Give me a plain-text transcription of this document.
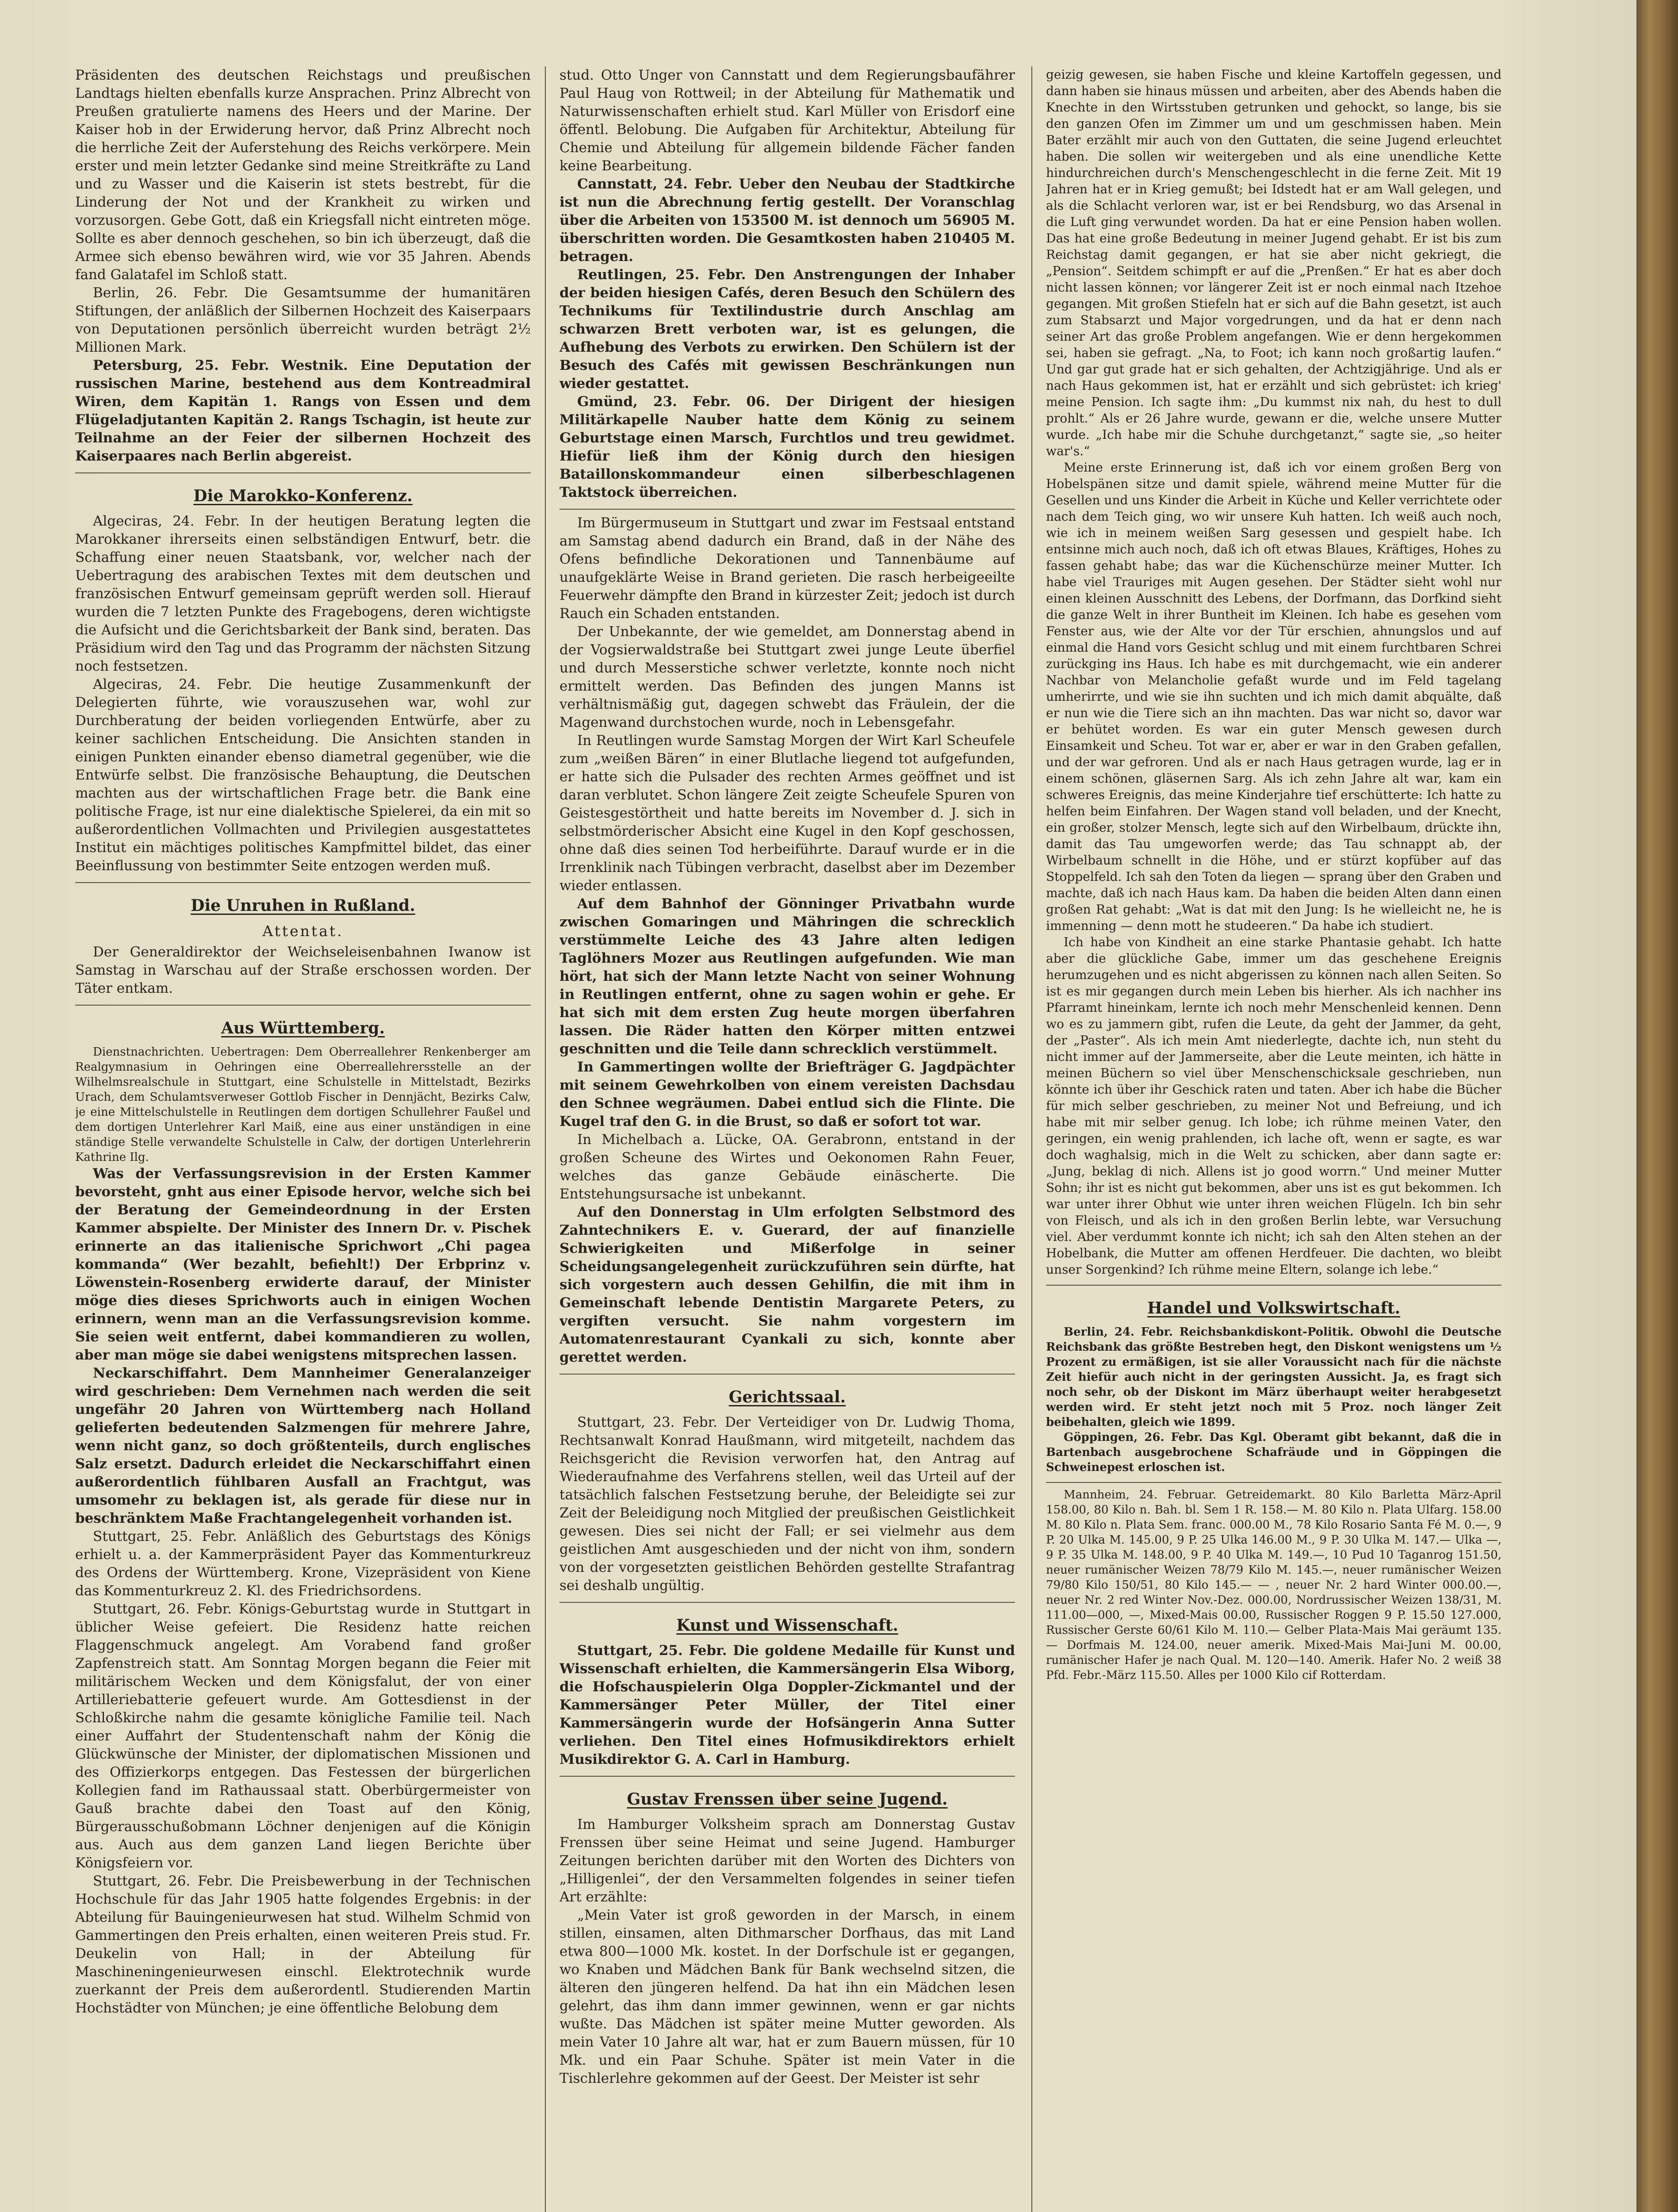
Präsidenten des deutschen Reichstags und preußischen Landtags hielten ebenfalls kurze Ansprachen. Prinz Albrecht von Preußen gratulierte namens des Heers und der Marine. Der Kaiser hob in der Erwiderung hervor, daß Prinz Albrecht noch die herrliche Zeit der Auferstehung des Reichs verkörpere. Mein erster und mein letzter Gedanke sind meine Streitkräfte zu Land und zu Wasser und die Kaiserin ist stets bestrebt, für die Linderung der Not und der Krankheit zu wirken und vorzusorgen. Gebe Gott, daß ein Kriegsfall nicht eintreten möge. Sollte es aber dennoch geschehen, so bin ich überzeugt, daß die Armee sich ebenso bewähren wird, wie vor 35 Jahren. Abends fand Galatafel im Schloß statt.

Berlin, 26. Febr. Die Gesamtsumme der humanitären Stiftungen, der anläßlich der Silbernen Hochzeit des Kaiserpaars von Deputationen persönlich überreicht wurden beträgt 2½ Millionen Mark.

Petersburg, 25. Febr. Westnik. Eine Deputation der russischen Marine, bestehend aus dem Kontreadmiral Wiren, dem Kapitän 1. Rangs von Essen und dem Flügeladjutanten Kapitän 2. Rangs Tschagin, ist heute zur Teilnahme an der Feier der silbernen Hochzeit des Kaiserpaares nach Berlin abgereist.

Die Marokko-Konferenz.

Algeciras, 24. Febr. In der heutigen Beratung legten die Marokkaner ihrerseits einen selbständigen Entwurf, betr. die Schaffung einer neuen Staatsbank, vor, welcher nach der Uebertragung des arabischen Textes mit dem deutschen und französischen Entwurf gemeinsam geprüft werden soll. Hierauf wurden die 7 letzten Punkte des Fragebogens, deren wichtigste die Aufsicht und die Gerichtsbarkeit der Bank sind, beraten. Das Präsidium wird den Tag und das Programm der nächsten Sitzung noch festsetzen.

Algeciras, 24. Febr. Die heutige Zusammenkunft der Delegierten führte, wie vorauszusehen war, wohl zur Durchberatung der beiden vorliegenden Entwürfe, aber zu keiner sachlichen Entscheidung. Die Ansichten standen in einigen Punkten einander ebenso diametral gegenüber, wie die Entwürfe selbst. Die französische Behauptung, die Deutschen machten aus der wirtschaftlichen Frage betr. die Bank eine politische Frage, ist nur eine dialektische Spielerei, da ein mit so außerordentlichen Vollmachten und Privilegien ausgestattetes Institut ein mächtiges politisches Kampfmittel bildet, das einer Beeinflussung von bestimmter Seite entzogen werden muß.

Die Unruhen in Rußland.
Attentat.

Der Generaldirektor der Weichseleisenbahnen Iwanow ist Samstag in Warschau auf der Straße erschossen worden. Der Täter entkam.

Aus Württemberg.

Dienstnachrichten. Uebertragen: Dem Oberreallehrer Renkenberger am Realgymnasium in Oehringen eine Oberreallehrersstelle an der Wilhelmsrealschule in Stuttgart, eine Schulstelle in Mittelstadt, Bezirks Urach, dem Schulamtsverweser Gottlob Fischer in Dennjächt, Bezirks Calw, je eine Mittelschulstelle in Reutlingen dem dortigen Schullehrer Faußel und dem dortigen Unterlehrer Karl Maiß, eine aus einer unständigen in eine ständige Stelle verwandelte Schulstelle in Calw, der dortigen Unterlehrerin Kathrine Ilg.

Was der Verfassungsrevision in der Ersten Kammer bevorsteht, gnht aus einer Episode hervor, welche sich bei der Beratung der Gemeindeordnung in der Ersten Kammer abspielte. Der Minister des Innern Dr. v. Pischek erinnerte an das italienische Sprichwort „Chi pagea kommanda“ (Wer bezahlt, befiehlt!) Der Erbprinz v. Löwenstein-Rosenberg erwiderte darauf, der Minister möge dies dieses Sprichworts auch in einigen Wochen erinnern, wenn man an die Verfassungsrevision komme. Sie seien weit entfernt, dabei kommandieren zu wollen, aber man möge sie dabei wenigstens mitsprechen lassen.

Neckarschiffahrt. Dem Mannheimer Generalanzeiger wird geschrieben: Dem Vernehmen nach werden die seit ungefähr 20 Jahren von Württemberg nach Holland gelieferten bedeutenden Salzmengen für mehrere Jahre, wenn nicht ganz, so doch größtenteils, durch englisches Salz ersetzt. Dadurch erleidet die Neckarschiffahrt einen außerordentlich fühlbaren Ausfall an Frachtgut, was umsomehr zu beklagen ist, als gerade für diese nur in beschränktem Maße Frachtangelegenheit vorhanden ist.

Stuttgart, 25. Febr. Anläßlich des Geburtstags des Königs erhielt u. a. der Kammerpräsident Payer das Kommenturkreuz des Ordens der Württemberg. Krone, Vizepräsident von Kiene das Kommenturkreuz 2. Kl. des Friedrichsordens.

Stuttgart, 26. Febr. Königs-Geburtstag wurde in Stuttgart in üblicher Weise gefeiert. Die Residenz hatte reichen Flaggenschmuck angelegt. Am Vorabend fand großer Zapfenstreich statt. Am Sonntag Morgen begann die Feier mit militärischem Wecken und dem Königsfalut, der von einer Artilleriebatterie gefeuert wurde. Am Gottesdienst in der Schloßkirche nahm die gesamte königliche Familie teil. Nach einer Auffahrt der Studentenschaft nahm der König die Glückwünsche der Minister, der diplomatischen Missionen und des Offizierkorps entgegen. Das Festessen der bürgerlichen Kollegien fand im Rathaussaal statt. Oberbürgermeister von Gauß brachte dabei den Toast auf den König, Bürgerausschußobmann Löchner denjenigen auf die Königin aus. Auch aus dem ganzen Land liegen Berichte über Königsfeiern vor.

Stuttgart, 26. Febr. Die Preisbewerbung in der Technischen Hochschule für das Jahr 1905 hatte folgendes Ergebnis: in der Abteilung für Bauingenieurwesen hat stud. Wilhelm Schmid von Gammertingen den Preis erhalten, einen weiteren Preis stud. Fr. Deukelin von Hall; in der Abteilung für Maschineningenieurwesen einschl. Elektrotechnik wurde zuerkannt der Preis dem außerordentl. Studierenden Martin Hochstädter von München; je eine öffentliche Belobung dem

stud. Otto Unger von Cannstatt und dem Regierungsbaufährer Paul Haug von Rottweil; in der Abteilung für Mathematik und Naturwissenschaften erhielt stud. Karl Müller von Erisdorf eine öffentl. Belobung. Die Aufgaben für Architektur, Abteilung für Chemie und Abteilung für allgemein bildende Fächer fanden keine Bearbeitung.

Cannstatt, 24. Febr. Ueber den Neubau der Stadtkirche ist nun die Abrechnung fertig gestellt. Der Voranschlag über die Arbeiten von 153500 M. ist dennoch um 56905 M. überschritten worden. Die Gesamtkosten haben 210405 M. betragen.

Reutlingen, 25. Febr. Den Anstrengungen der Inhaber der beiden hiesigen Cafés, deren Besuch den Schülern des Technikums für Textilindustrie durch Anschlag am schwarzen Brett verboten war, ist es gelungen, die Aufhebung des Verbots zu erwirken. Den Schülern ist der Besuch des Cafés mit gewissen Beschränkungen nun wieder gestattet.

Gmünd, 23. Febr. 06. Der Dirigent der hiesigen Militärkapelle Nauber hatte dem König zu seinem Geburtstage einen Marsch, Furchtlos und treu gewidmet. Hiefür ließ ihm der König durch den hiesigen Bataillonskommandeur einen silberbeschlagenen Taktstock überreichen.

Im Bürgermuseum in Stuttgart und zwar im Festsaal entstand am Samstag abend dadurch ein Brand, daß in der Nähe des Ofens befindliche Dekorationen und Tannenbäume auf unaufgeklärte Weise in Brand gerieten. Die rasch herbeigeeilte Feuerwehr dämpfte den Brand in kürzester Zeit; jedoch ist durch Rauch ein Schaden entstanden.

Der Unbekannte, der wie gemeldet, am Donnerstag abend in der Vogsierwaldstraße bei Stuttgart zwei junge Leute überfiel und durch Messerstiche schwer verletzte, konnte noch nicht ermittelt werden. Das Befinden des jungen Manns ist verhältnismäßig gut, dagegen schwebt das Fräulein, der die Magenwand durchstochen wurde, noch in Lebensgefahr.

In Reutlingen wurde Samstag Morgen der Wirt Karl Scheufele zum „weißen Bären“ in einer Blutlache liegend tot aufgefunden, er hatte sich die Pulsader des rechten Armes geöffnet und ist daran verblutet. Schon längere Zeit zeigte Scheufele Spuren von Geistesgestörtheit und hatte bereits im November d. J. sich in selbstmörderischer Absicht eine Kugel in den Kopf geschossen, ohne daß dies seinen Tod herbeiführte. Darauf wurde er in die Irrenklinik nach Tübingen verbracht, daselbst aber im Dezember wieder entlassen.

Auf dem Bahnhof der Gönninger Privatbahn wurde zwischen Gomaringen und Mähringen die schrecklich verstümmelte Leiche des 43 Jahre alten ledigen Taglöhners Mozer aus Reutlingen aufgefunden. Wie man hört, hat sich der Mann letzte Nacht von seiner Wohnung in Reutlingen entfernt, ohne zu sagen wohin er gehe. Er hat sich mit dem ersten Zug heute morgen überfahren lassen. Die Räder hatten den Körper mitten entzwei geschnitten und die Teile dann schrecklich verstümmelt.

In Gammertingen wollte der Briefträger G. Jagdpächter mit seinem Gewehrkolben von einem vereisten Dachsdau den Schnee wegräumen. Dabei entlud sich die Flinte. Die Kugel traf den G. in die Brust, so daß er sofort tot war.

In Michelbach a. Lücke, OA. Gerabronn, entstand in der großen Scheune des Wirtes und Oekonomen Rahn Feuer, welches das ganze Gebäude einäscherte. Die Entstehungsursache ist unbekannt.

Auf den Donnerstag in Ulm erfolgten Selbstmord des Zahntechnikers E. v. Guerard, der auf finanzielle Schwierigkeiten und Mißerfolge in seiner Scheidungsangelegenheit zurückzuführen sein dürfte, hat sich vorgestern auch dessen Gehilfin, die mit ihm in Gemeinschaft lebende Dentistin Margarete Peters, zu vergiften versucht. Sie nahm vorgestern im Automatenrestaurant Cyankali zu sich, konnte aber gerettet werden.

Gerichtssaal.

Stuttgart, 23. Febr. Der Verteidiger von Dr. Ludwig Thoma, Rechtsanwalt Konrad Haußmann, wird mitgeteilt, nachdem das Reichsgericht die Revision verworfen hat, den Antrag auf Wiederaufnahme des Verfahrens stellen, weil das Urteil auf der tatsächlich falschen Festsetzung beruhe, der Beleidigte sei zur Zeit der Beleidigung noch Mitglied der preußischen Geistlichkeit gewesen. Dies sei nicht der Fall; er sei vielmehr aus dem geistlichen Amt ausgeschieden und der nicht von ihm, sondern von der vorgesetzten geistlichen Behörden gestellte Strafantrag sei deshalb ungültig.

Kunst und Wissenschaft.

Stuttgart, 25. Febr. Die goldene Medaille für Kunst und Wissenschaft erhielten, die Kammersängerin Elsa Wiborg, die Hofschauspielerin Olga Doppler-Zickmantel und der Kammersänger Peter Müller, der Titel einer Kammersängerin wurde der Hofsängerin Anna Sutter verliehen. Den Titel eines Hofmusikdirektors erhielt Musikdirektor G. A. Carl in Hamburg.

Gustav Frenssen über seine Jugend.

Im Hamburger Volksheim sprach am Donnerstag Gustav Frenssen über seine Heimat und seine Jugend. Hamburger Zeitungen berichten darüber mit den Worten des Dichters von „Hilligenlei“, der den Versammelten folgendes in seiner tiefen Art erzählte:

„Mein Vater ist groß geworden in der Marsch, in einem stillen, einsamen, alten Dithmarscher Dorfhaus, das mit Land etwa 800—1000 Mk. kostet. In der Dorfschule ist er gegangen, wo Knaben und Mädchen Bank für Bank wechselnd sitzen, die älteren den jüngeren helfend. Da hat ihn ein Mädchen lesen gelehrt, das ihm dann immer gewinnen, wenn er gar nichts wußte. Das Mädchen ist später meine Mutter geworden. Als mein Vater 10 Jahre alt war, hat er zum Bauern müssen, für 10 Mk. und ein Paar Schuhe. Später ist mein Vater in die Tischlerlehre gekommen auf der Geest. Der Meister ist sehr

geizig gewesen, sie haben Fische und kleine Kartoffeln gegessen, und dann haben sie hinaus müssen und arbeiten, aber des Abends haben die Knechte in den Wirtsstuben getrunken und gehockt, so lange, bis sie den ganzen Ofen im Zimmer um und um geschmissen haben. Mein Bater erzählt mir auch von den Guttaten, die seine Jugend erleuchtet haben. Die sollen wir weitergeben und als eine unendliche Kette hindurchreichen durch's Menschengeschlecht in die ferne Zeit. Mit 19 Jahren hat er in Krieg gemußt; bei Idstedt hat er am Wall gelegen, und als die Schlacht verloren war, ist er bei Rendsburg, wo das Arsenal in die Luft ging verwundet worden. Da hat er eine Pension haben wollen. Das hat eine große Bedeutung in meiner Jugend gehabt. Er ist bis zum Reichstag damit gegangen, er hat sie aber nicht gekriegt, die „Pension“. Seitdem schimpft er auf die „Prenßen.“ Er hat es aber doch nicht lassen können; vor längerer Zeit ist er noch einmal nach Itzehoe gegangen. Mit großen Stiefeln hat er sich auf die Bahn gesetzt, ist auch zum Stabsarzt und Major vorgedrungen, und da hat er denn nach seiner Art das große Problem angefangen. Wie er denn hergekommen sei, haben sie gefragt. „Na, to Foot; ich kann noch großartig laufen.“ Und gar gut grade hat er sich gehalten, der Achtzigjährige. Und als er nach Haus gekommen ist, hat er erzählt und sich gebrüstet: ich krieg' meine Pension. Ich sagte ihm: „Du kummst nix nah, du hest to dull prohlt.“ Als er 26 Jahre wurde, gewann er die, welche unsere Mutter wurde. „Ich habe mir die Schuhe durchgetanzt,“ sagte sie, „so heiter war's.“

Meine erste Erinnerung ist, daß ich vor einem großen Berg von Hobelspänen sitze und damit spiele, während meine Mutter für die Gesellen und uns Kinder die Arbeit in Küche und Keller verrichtete oder nach dem Teich ging, wo wir unsere Kuh hatten. Ich weiß auch noch, wie ich in meinem weißen Sarg gesessen und gespielt habe. Ich entsinne mich auch noch, daß ich oft etwas Blaues, Kräftiges, Hohes zu fassen gehabt habe; das war die Küchenschürze meiner Mutter. Ich habe viel Trauriges mit Augen gesehen. Der Städter sieht wohl nur einen kleinen Ausschnitt des Lebens, der Dorfmann, das Dorfkind sieht die ganze Welt in ihrer Buntheit im Kleinen. Ich habe es gesehen vom Fenster aus, wie der Alte vor der Tür erschien, ahnungslos und auf einmal die Hand vors Gesicht schlug und mit einem furchtbaren Schrei zurückging ins Haus. Ich habe es mit durchgemacht, wie ein anderer Nachbar von Melancholie gefaßt wurde und im Feld tagelang umherirrte, und wie sie ihn suchten und ich mich damit abquälte, daß er nun wie die Tiere sich an ihn machten. Das war nicht so, davor war er behütet worden. Es war ein guter Mensch gewesen durch Einsamkeit und Scheu. Tot war er, aber er war in den Graben gefallen, und der war gefroren. Und als er nach Haus getragen wurde, lag er in einem schönen, gläsernen Sarg. Als ich zehn Jahre alt war, kam ein schweres Ereignis, das meine Kinderjahre tief erschütterte: Ich hatte zu helfen beim Einfahren. Der Wagen stand voll beladen, und der Knecht, ein großer, stolzer Mensch, legte sich auf den Wirbelbaum, drückte ihn, damit das Tau umgeworfen werde; das Tau schnappt ab, der Wirbelbaum schnellt in die Höhe, und er stürzt kopfüber auf das Stoppelfeld. Ich sah den Toten da liegen — sprang über den Graben und machte, daß ich nach Haus kam. Da haben die beiden Alten dann einen großen Rat gehabt: „Wat is dat mit den Jung: Is he wielleicht ne, he is immenning — denn mott he studeeren.“ Da habe ich studiert.

Ich habe von Kindheit an eine starke Phantasie gehabt. Ich hatte aber die glückliche Gabe, immer um das geschehene Ereignis herumzugehen und es nicht abgerissen zu können nach allen Seiten. So ist es mir gegangen durch mein Leben bis hierher. Als ich nachher ins Pfarramt hineinkam, lernte ich noch mehr Menschenleid kennen. Denn wo es zu jammern gibt, rufen die Leute, da geht der Jammer, da geht, der „Paster“. Als ich mein Amt niederlegte, dachte ich, nun steht du nicht immer auf der Jammerseite, aber die Leute meinten, ich hätte in meinen Büchern so viel über Menschenschicksale geschrieben, nun könnte ich über ihr Geschick raten und taten. Aber ich habe die Bücher für mich selber geschrieben, zu meiner Not und Befreiung, und ich habe mit mir selber genug. Ich lobe; ich rühme meinen Vater, den geringen, ein wenig prahlenden, ich lache oft, wenn er sagte, es war doch waghalsig, mich in die Welt zu schicken, aber dann sagte er: „Jung, beklag di nich. Allens ist jo good worrn.“ Und meiner Mutter Sohn; ihr ist es nicht gut bekommen, aber uns ist es gut bekommen. Ich war unter ihrer Obhut wie unter ihren weichen Flügeln. Ich bin sehr von Fleisch, und als ich in den großen Berlin lebte, war Versuchung viel. Aber verdummt konnte ich nicht; ich sah den Alten stehen an der Hobelbank, die Mutter am offenen Herdfeuer. Die dachten, wo bleibt unser Sorgenkind? Ich rühme meine Eltern, solange ich lebe.“

Handel und Volkswirtschaft.

Berlin, 24. Febr. Reichsbankdiskont-Politik. Obwohl die Deutsche Reichsbank das größte Bestreben hegt, den Diskont wenigstens um ½ Prozent zu ermäßigen, ist sie aller Voraussicht nach für die nächste Zeit hiefür auch nicht in der geringsten Aussicht. Ja, es fragt sich noch sehr, ob der Diskont im März überhaupt weiter herabgesetzt werden wird. Er steht jetzt noch mit 5 Proz. noch länger Zeit beibehalten, gleich wie 1899.

Göppingen, 26. Febr. Das Kgl. Oberamt gibt bekannt, daß die in Bartenbach ausgebrochene Schafräude und in Göppingen die Schweinepest erloschen ist.

Mannheim, 24. Februar. Getreidemarkt. 80 Kilo Barletta März-April 158.00, 80 Kilo n. Bah. bl. Sem 1 R. 158.— M. 80 Kilo n. Plata Ulfarg. 158.00 M. 80 Kilo n. Plata Sem. franc. 000.00 M., 78 Kilo Rosario Santa Fé M. 0.—, 9 P. 20 Ulka M. 145.00, 9 P. 25 Ulka 146.00 M., 9 P. 30 Ulka M. 147.— Ulka —, 9 P. 35 Ulka M. 148.00, 9 P. 40 Ulka M. 149.—, 10 Pud 10 Taganrog 151.50, neuer rumänischer Weizen 78/79 Kilo M. 145.—, neuer rumänischer Weizen 79/80 Kilo 150/51, 80 Kilo 145.— — , neuer Nr. 2 hard Winter 000.00.—, neuer Nr. 2 red Winter Nov.-Dez. 000.00, Nordrussischer Weizen 138/31, M. 111.00—000, —, Mixed-Mais 00.00, Russischer Roggen 9 P. 15.50 127.000, Russischer Gerste 60/61 Kilo M. 110.— Gelber Plata-Mais Mai geräumt 135.— Dorfmais M. 124.00, neuer amerik. Mixed-Mais Mai-Juni M. 00.00, rumänischer Hafer je nach Qual. M. 120—140. Amerik. Hafer No. 2 weiß 38 Pfd. Febr.-März 115.50. Alles per 1000 Kilo cif Rotterdam.
